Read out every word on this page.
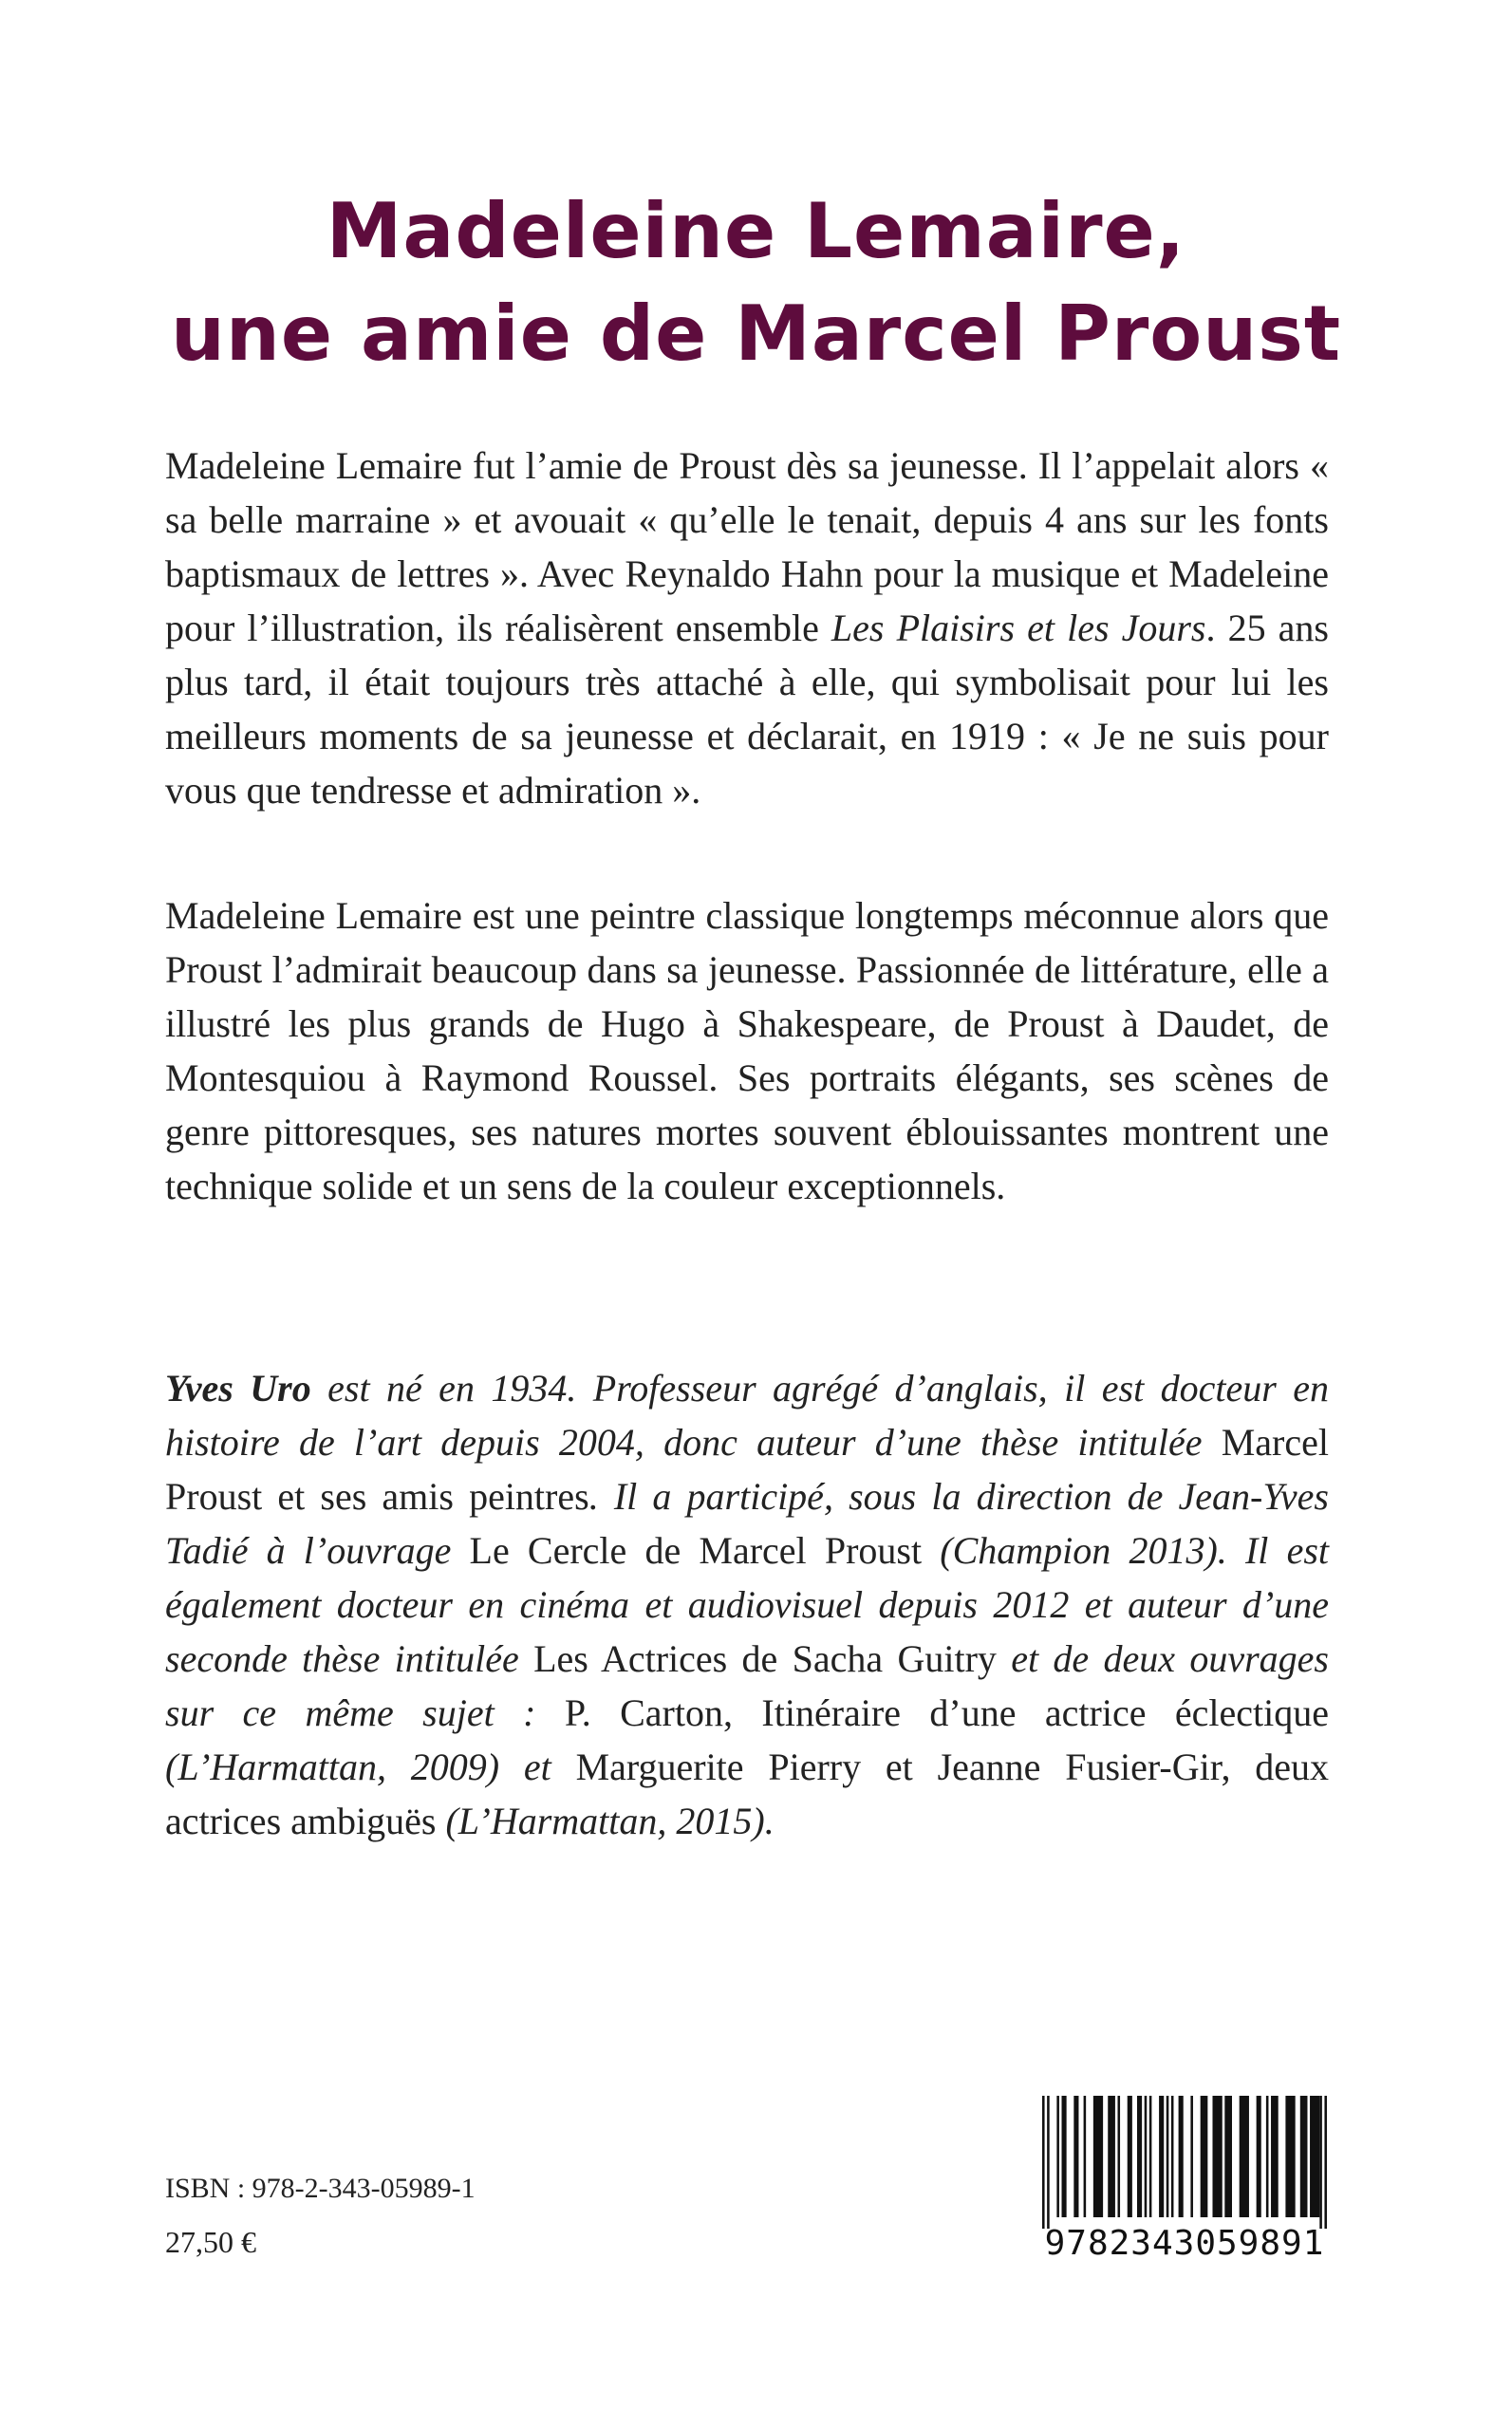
Madeleine Lemaire,
une amie de Marcel Proust

Madeleine Lemaire fut l’amie de Proust dès sa jeunesse. Il l’appelait alors « sa belle marraine » et avouait « qu’elle le tenait, depuis 4 ans sur les fonts baptismaux de lettres ». Avec Reynaldo Hahn pour la musique et Madeleine pour l’illustration, ils réalisèrent ensemble Les Plaisirs et les Jours. 25 ans plus tard, il était toujours très attaché à elle, qui symbolisait pour lui les meilleurs moments de sa jeunesse et déclarait, en 1919 : « Je ne suis pour vous que tendresse et admiration ».

Madeleine Lemaire est une peintre classique longtemps méconnue alors que Proust l’admirait beaucoup dans sa jeunesse. Passionnée de littérature, elle a illustré les plus grands de Hugo à Shakespeare, de Proust à Daudet, de Montesquiou à Raymond Roussel. Ses portraits élégants, ses scènes de genre pittoresques, ses natures mortes souvent éblouissantes montrent une technique solide et un sens de la couleur exceptionnels.

Yves Uro est né en 1934. Professeur agrégé d’anglais, il est docteur en histoire de l’art depuis 2004, donc auteur d’une thèse intitulée Marcel Proust et ses amis peintres. Il a participé, sous la direction de Jean-Yves Tadié à l’ouvrage Le Cercle de Marcel Proust (Champion 2013). Il est également docteur en cinéma et audiovisuel depuis 2012 et auteur d’une seconde thèse intitulée Les Actrices de Sacha Guitry et de deux ouvrages sur ce même sujet : P. Carton, Itinéraire d’une actrice éclectique (L’Harmattan, 2009) et Marguerite Pierry et Jeanne Fusier-Gir, deux actrices ambiguës (L’Harmattan, 2015).

ISBN : 978-2-343-05989-1
27,50 €	9782343059891
